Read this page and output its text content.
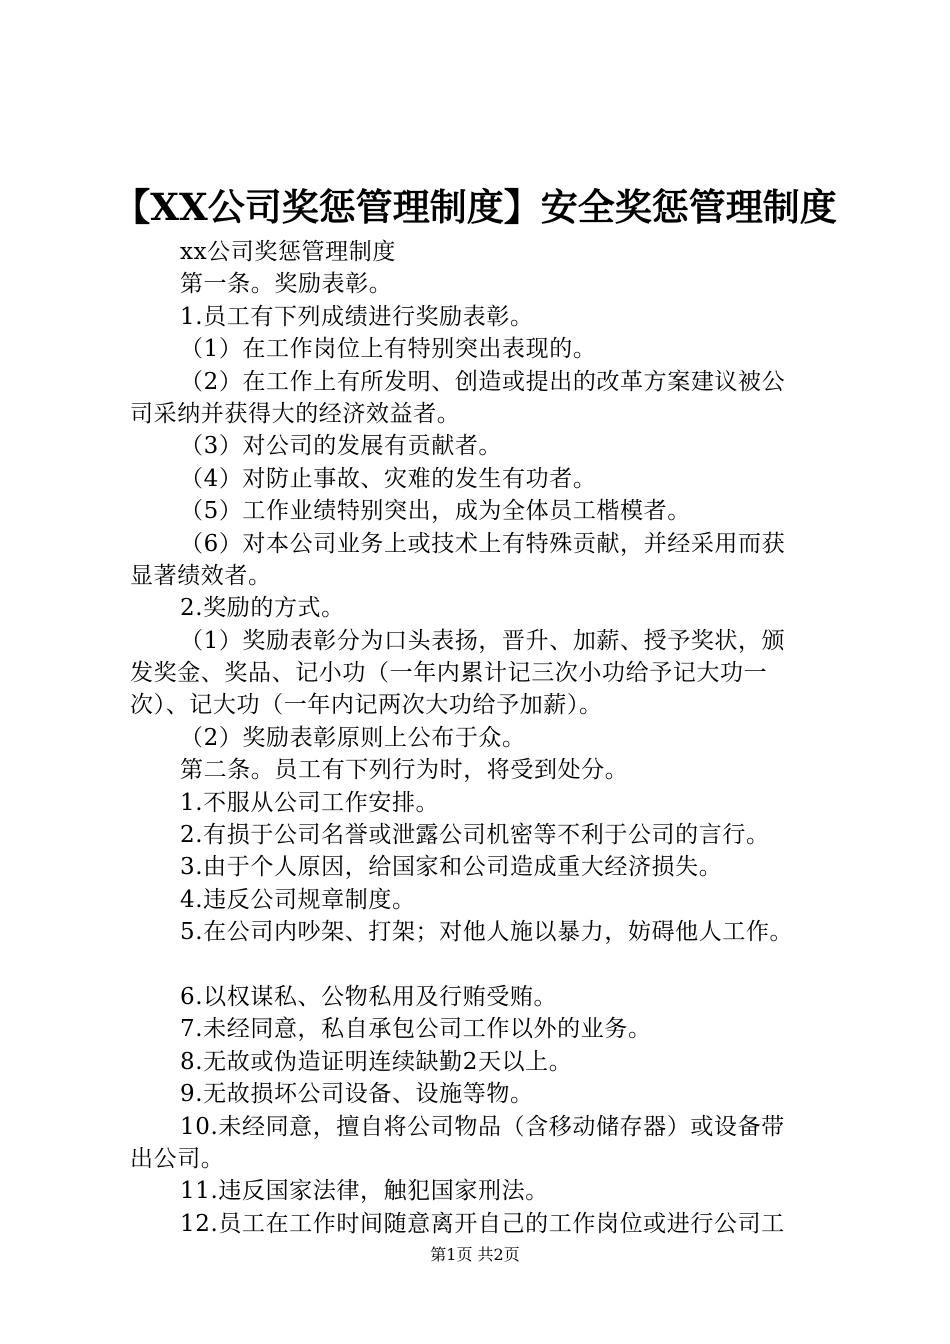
【XX公司奖惩管理制度】安全奖惩管理制度
xx公司奖惩管理制度
第一条。奖励表彰。
1.员工有下列成绩进行奖励表彰。
（1）在工作岗位上有特别突出表现的。
（2）在工作上有所发明、创造或提出的改革方案建议被公
司采纳并获得大的经济效益者。
（3）对公司的发展有贡献者。
（4）对防止事故、灾难的发生有功者。
（5）工作业绩特别突出，成为全体员工楷模者。
（6）对本公司业务上或技术上有特殊贡献，并经采用而获
显著绩效者。
2.奖励的方式。
（1）奖励表彰分为口头表扬，晋升、加薪、授予奖状，颁
发奖金、奖品、记小功（一年内累计记三次小功给予记大功一
次）、记大功（一年内记两次大功给予加薪）。
（2）奖励表彰原则上公布于众。
第二条。员工有下列行为时，将受到处分。
1.不服从公司工作安排。
2.有损于公司名誉或泄露公司机密等不利于公司的言行。
3.由于个人原因，给国家和公司造成重大经济损失。
4.违反公司规章制度。
5.在公司内吵架、打架；对他人施以暴力，妨碍他人工作。
6.以权谋私、公物私用及行贿受贿。
7.未经同意，私自承包公司工作以外的业务。
8.无故或伪造证明连续缺勤2天以上。
9.无故损坏公司设备、设施等物。
10.未经同意，擅自将公司物品（含移动储存器）或设备带
出公司。
11.违反国家法律，触犯国家刑法。
12.员工在工作时间随意离开自己的工作岗位或进行公司工
第1页 共2页
